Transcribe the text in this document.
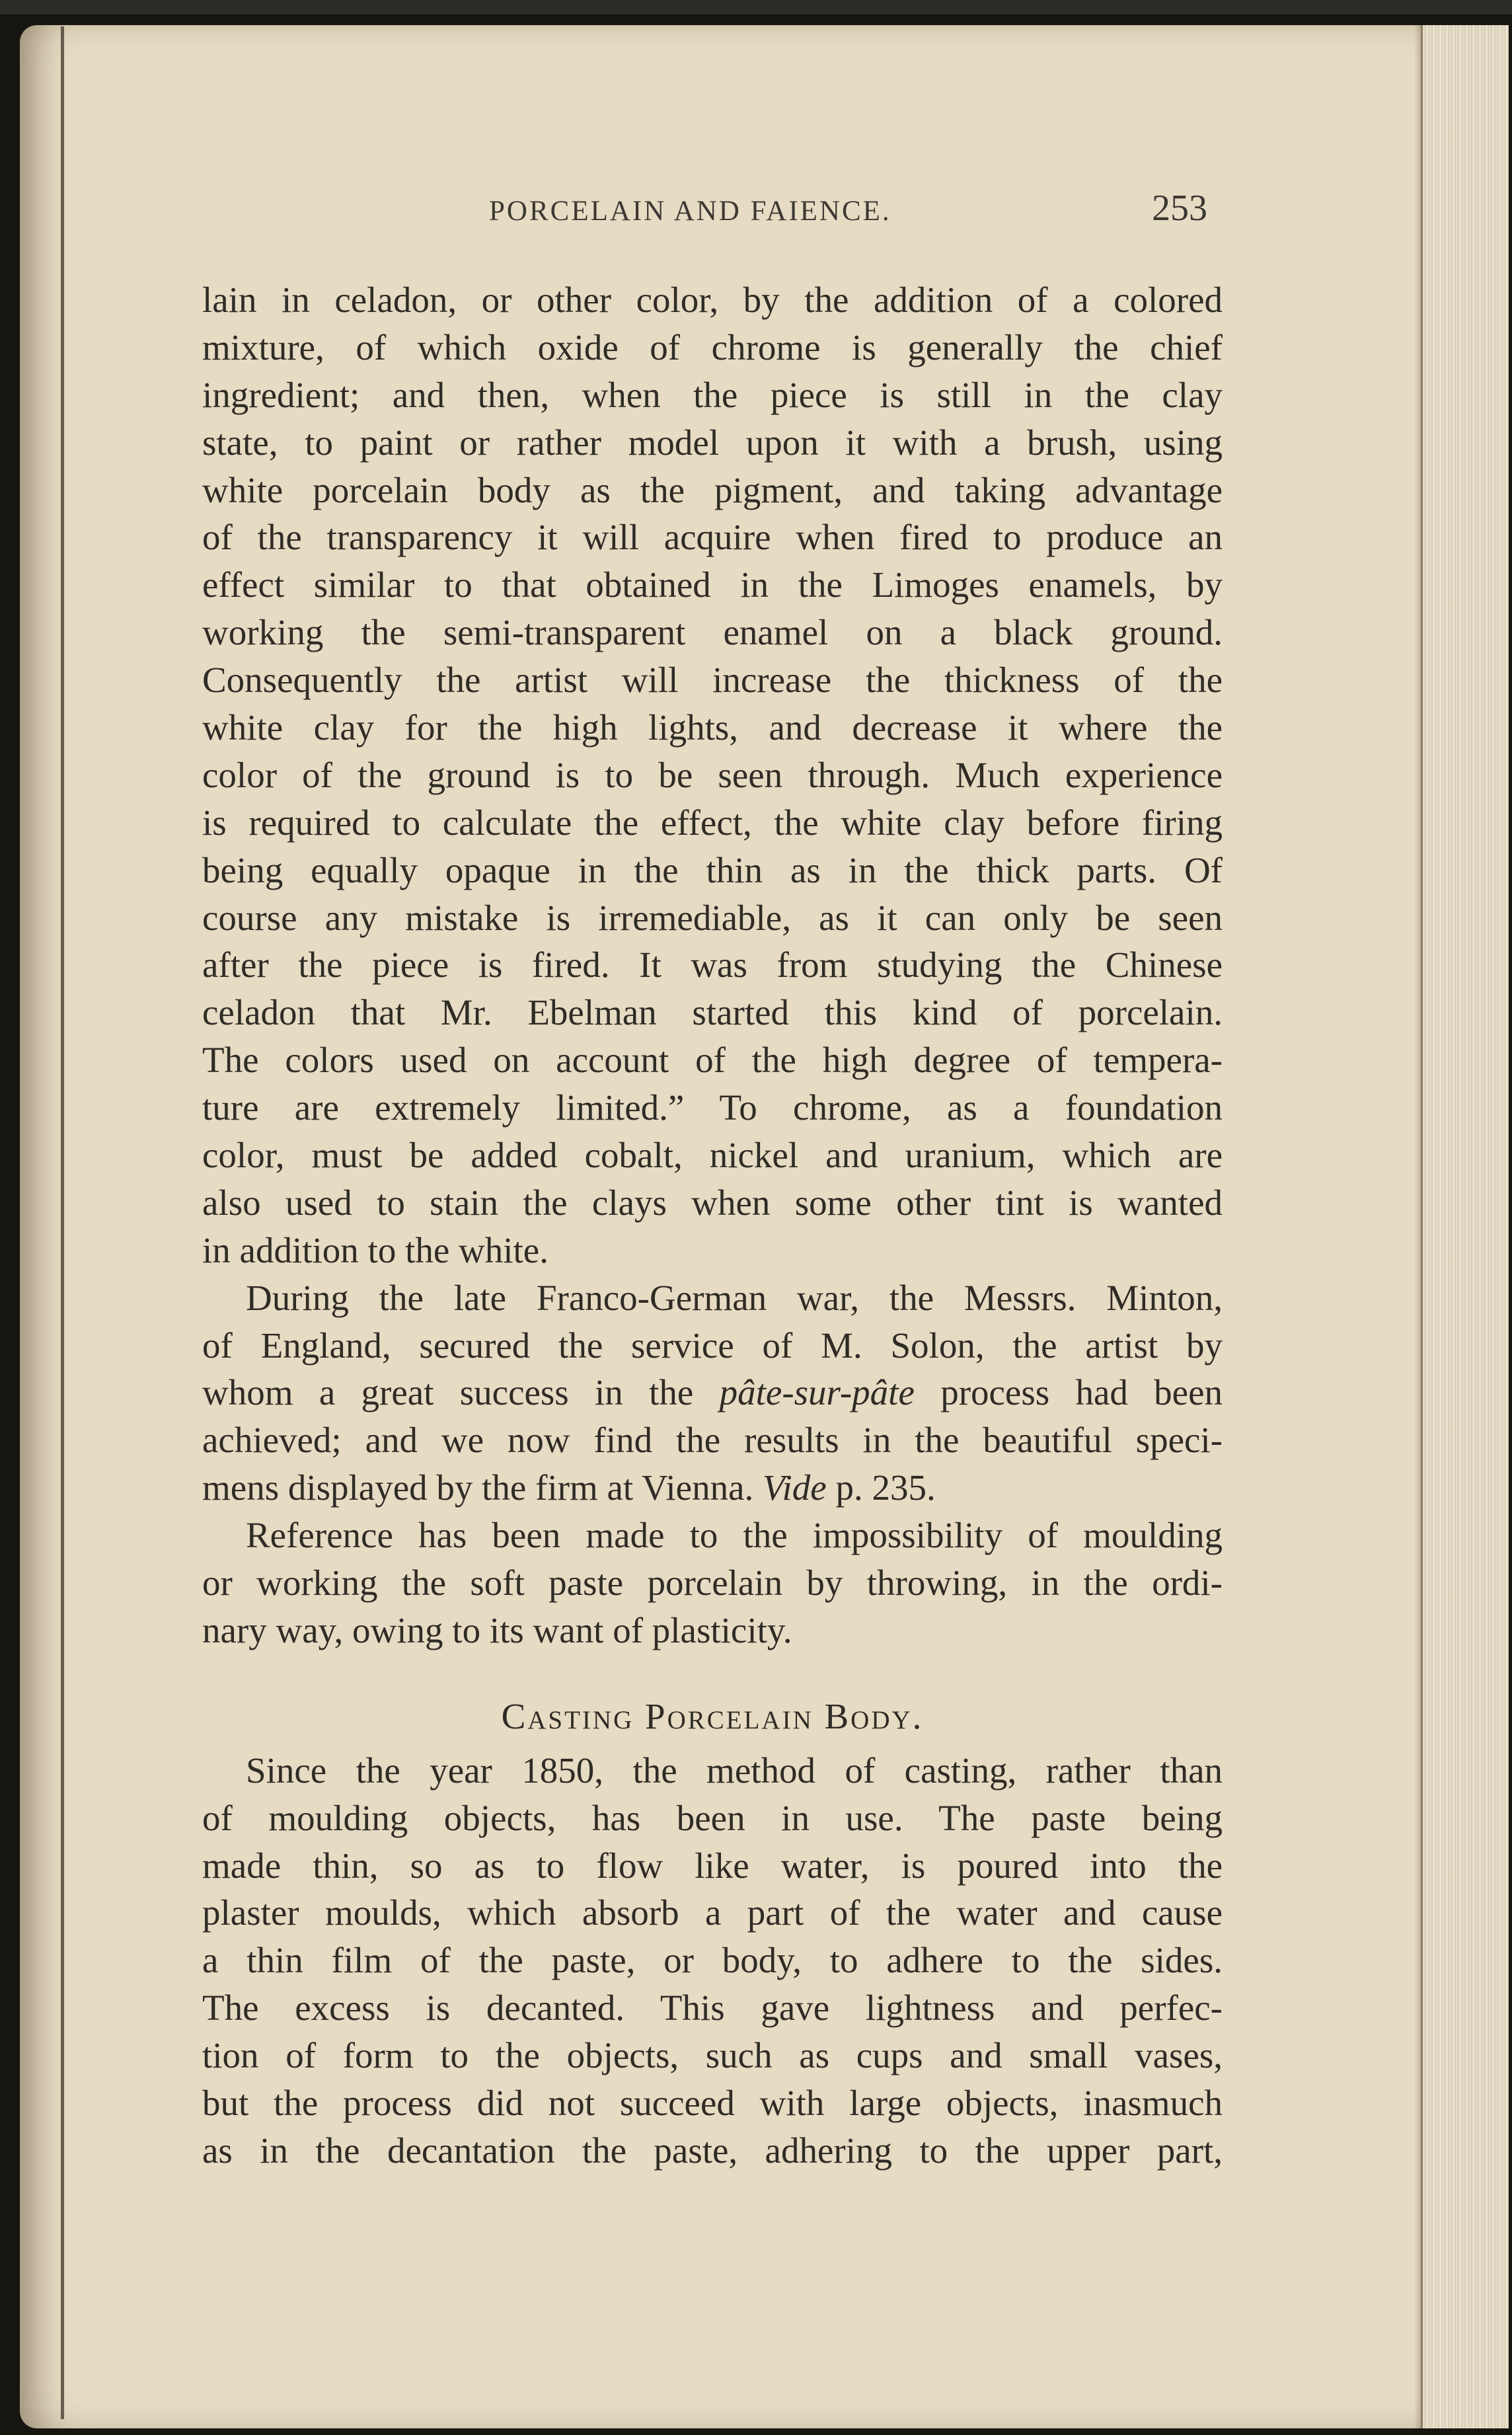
PORCELAIN AND FAIENCE.	253
lain in celadon, or other color, by the addition of a colored
mixture, of which oxide of chrome is generally the chief
ingredient; and then, when the piece is still in the clay
state, to paint or rather model upon it with a brush, using
white porcelain body as the pigment, and taking advantage
of the transparency it will acquire when fired to produce an
effect similar to that obtained in the Limoges enamels, by
working the semi-transparent enamel on a black ground.
Consequently the artist will increase the thickness of the
white clay for the high lights, and decrease it where the
color of the ground is to be seen through. Much experience
is required to calculate the effect, the white clay before firing
being equally opaque in the thin as in the thick parts. Of
course any mistake is irremediable, as it can only be seen
after the piece is fired. It was from studying the Chinese
celadon that Mr. Ebelman started this kind of porcelain.
The colors used on account of the high degree of tempera-
ture are extremely limited.” To chrome, as a foundation
color, must be added cobalt, nickel and uranium, which are
also used to stain the clays when some other tint is wanted
in addition to the white.
During the late Franco-German war, the Messrs. Minton,
of England, secured the service of M. Solon, the artist by
whom a great success in the pâte-sur-pâte process had been
achieved; and we now find the results in the beautiful speci-
mens displayed by the firm at Vienna. Vide p. 235.
Reference has been made to the impossibility of moulding
or working the soft paste porcelain by throwing, in the ordi-
nary way, owing to its want of plasticity.
Casting Porcelain Body.
Since the year 1850, the method of casting, rather than
of moulding objects, has been in use. The paste being
made thin, so as to flow like water, is poured into the
plaster moulds, which absorb a part of the water and cause
a thin film of the paste, or body, to adhere to the sides.
The excess is decanted. This gave lightness and perfec-
tion of form to the objects, such as cups and small vases,
but the process did not succeed with large objects, inasmuch
as in the decantation the paste, adhering to the upper part,
